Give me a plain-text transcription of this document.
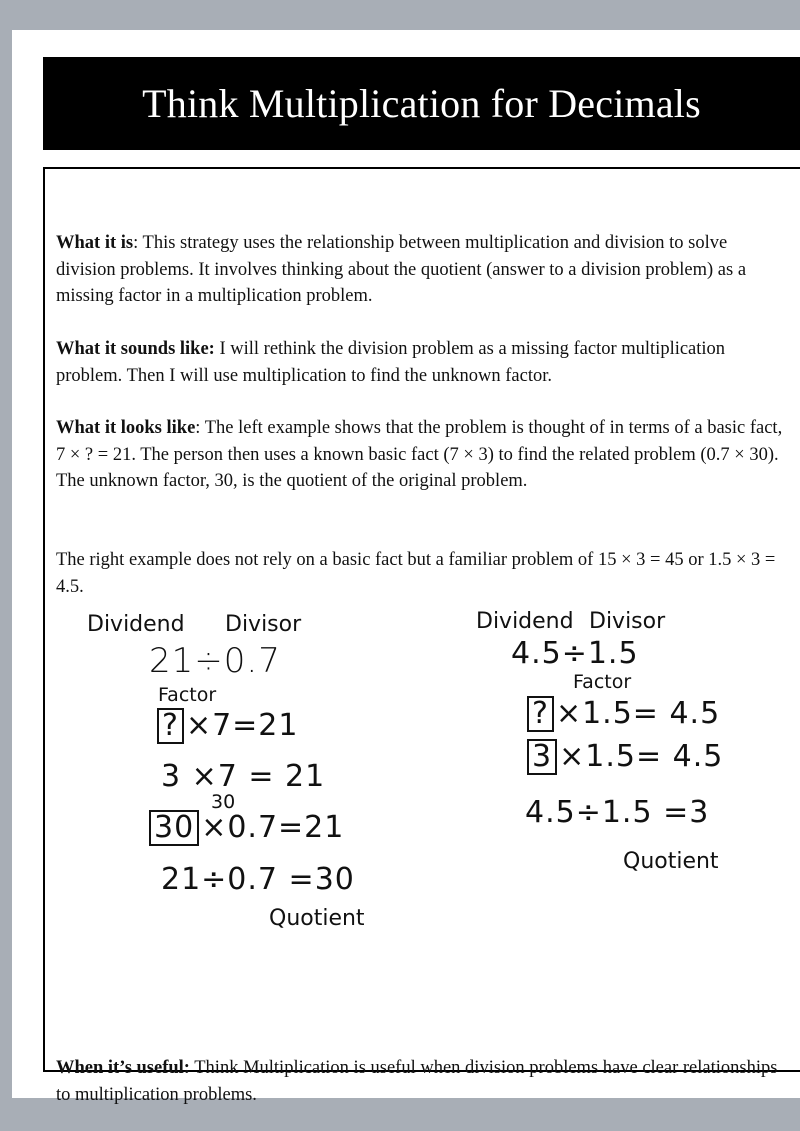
Think Multiplication for Decimals
What it is: This strategy uses the relationship between multiplication and division to solve division problems. It involves thinking about the quotient (answer to a division problem) as a missing factor in a multiplication problem.
What it sounds like: I will rethink the division problem as a missing factor multiplication problem. Then I will use multiplication to find the unknown factor.
What it looks like: The left example shows that the problem is thought of in terms of a basic fact, 7 × ? = 21. The person then uses a known basic fact (7 × 3) to find the related problem (0.7 × 30). The unknown factor, 30, is the quotient of the original problem.
The right example does not rely on a basic fact but a familiar problem of 15 × 3 = 45 or 1.5 × 3 = 4.5.
Dividend Divisor
21÷0.7
Factor
? ×7=21
3 ×7 = 21
30
30 ×0.7=21
21÷0.7 =30
Quotient
Dividend Divisor
4.5÷1.5
Factor
? ×1.5= 4.5
3 ×1.5= 4.5
4.5÷1.5 =3
Quotient
When it’s useful: Think Multiplication is useful when division problems have clear relationships to multiplication problems.
